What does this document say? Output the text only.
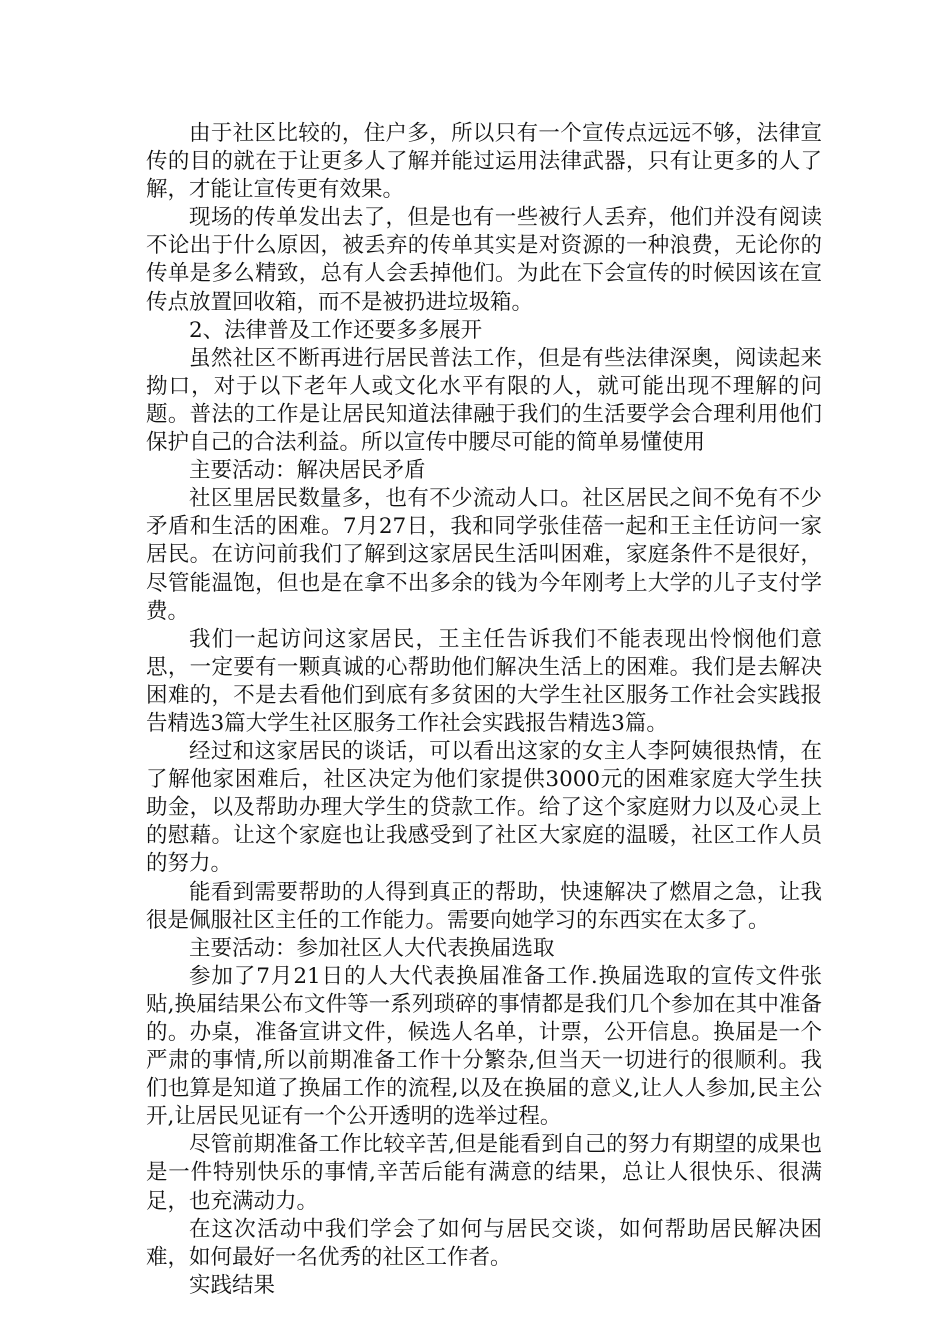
由于社区比较的，住户多，所以只有一个宣传点远远不够，法律宣传的目的就在于让更多人了解并能过运用法律武器，只有让更多的人了解，才能让宣传更有效果。

现场的传单发出去了，但是也有一些被行人丢弃，他们并没有阅读不论出于什么原因，被丢弃的传单其实是对资源的一种浪费，无论你的传单是多么精致，总有人会丢掉他们。为此在下会宣传的时候因该在宣传点放置回收箱，而不是被扔进垃圾箱。

2、法律普及工作还要多多展开

虽然社区不断再进行居民普法工作，但是有些法律深奥，阅读起来拗口，对于以下老年人或文化水平有限的人，就可能出现不理解的问题。普法的工作是让居民知道法律融于我们的生活要学会合理利用他们保护自己的合法利益。所以宣传中腰尽可能的简单易懂使用

主要活动：解决居民矛盾

社区里居民数量多，也有不少流动人口。社区居民之间不免有不少矛盾和生活的困难。7月27日，我和同学张佳蓓一起和王主任访问一家居民。在访问前我们了解到这家居民生活叫困难，家庭条件不是很好，尽管能温饱，但也是在拿不出多余的钱为今年刚考上大学的儿子支付学费。

我们一起访问这家居民，王主任告诉我们不能表现出怜悯他们意思，一定要有一颗真诚的心帮助他们解决生活上的困难。我们是去解决困难的，不是去看他们到底有多贫困的大学生社区服务工作社会实践报告精选3篇大学生社区服务工作社会实践报告精选3篇。

经过和这家居民的谈话，可以看出这家的女主人李阿姨很热情，在了解他家困难后，社区决定为他们家提供3000元的困难家庭大学生扶助金，以及帮助办理大学生的贷款工作。给了这个家庭财力以及心灵上的慰藉。让这个家庭也让我感受到了社区大家庭的温暖，社区工作人员的努力。

能看到需要帮助的人得到真正的帮助，快速解决了燃眉之急，让我很是佩服社区主任的工作能力。需要向她学习的东西实在太多了。

主要活动：参加社区人大代表换届选取

参加了7月21日的人大代表换届准备工作.换届选取的宣传文件张贴,换届结果公布文件等一系列琐碎的事情都是我们几个参加在其中准备的。办桌，准备宣讲文件，候选人名单，计票，公开信息。换届是一个严肃的事情,所以前期准备工作十分繁杂,但当天一切进行的很顺利。我们也算是知道了换届工作的流程,以及在换届的意义,让人人参加,民主公开,让居民见证有一个公开透明的选举过程。

尽管前期准备工作比较辛苦,但是能看到自己的努力有期望的成果也是一件特别快乐的事情,辛苦后能有满意的结果，总让人很快乐、很满足，也充满动力。

在这次活动中我们学会了如何与居民交谈，如何帮助居民解决困难，如何最好一名优秀的社区工作者。

实践结果
